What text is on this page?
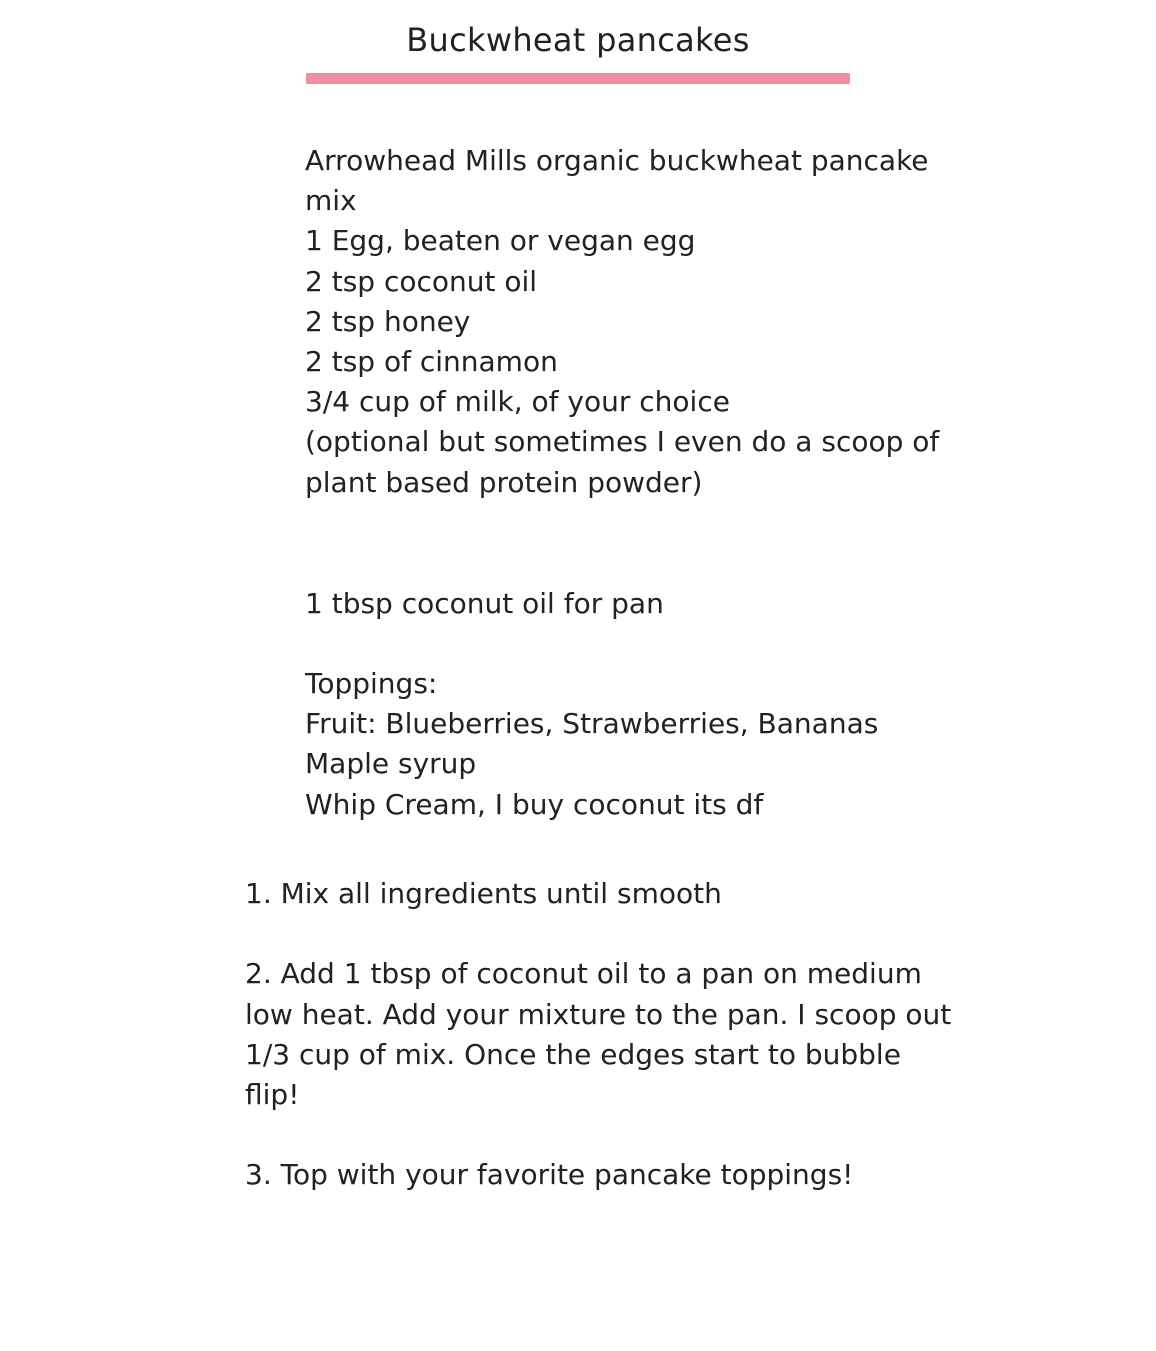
Buckwheat pancakes
Arrowhead Mills organic buckwheat pancake mix
1 Egg, beaten or vegan egg
2 tsp coconut oil
2 tsp honey
2 tsp of cinnamon
3/4 cup of milk, of your choice
(optional but sometimes I even do a scoop of plant based protein powder)

1 tbsp coconut oil for pan

Toppings:

Fruit: Blueberries, Strawberries, Bananas
Maple syrup
Whip Cream, I buy coconut its df
1. Mix all ingredients until smooth
2. Add 1 tbsp of coconut oil to a pan on medium low heat. Add your mixture to the pan. I scoop out 1/3 cup of mix. Once the edges start to bubble flip!
3. Top with your favorite pancake toppings!
